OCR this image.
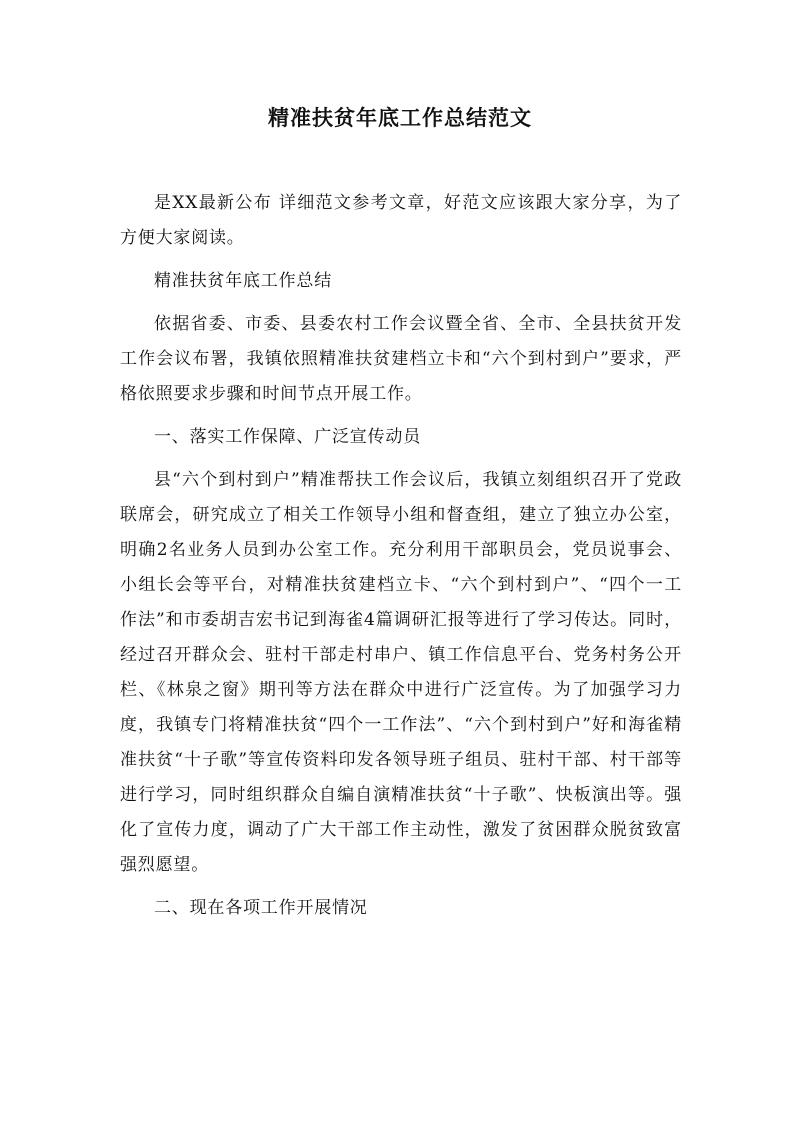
精准扶贫年底工作总结范文

是XX最新公布 详细范文参考文章，好范文应该跟大家分享，为了方便大家阅读。

精准扶贫年底工作总结

依据省委、市委、县委农村工作会议暨全省、全市、全县扶贫开发工作会议布署，我镇依照精准扶贫建档立卡和“六个到村到户”要求，严格依照要求步骤和时间节点开展工作。

一、落实工作保障、广泛宣传动员

县“六个到村到户”精准帮扶工作会议后，我镇立刻组织召开了党政联席会，研究成立了相关工作领导小组和督查组，建立了独立办公室，明确2名业务人员到办公室工作。充分利用干部职员会，党员说事会、小组长会等平台，对精准扶贫建档立卡、“六个到村到户”、“四个一工作法”和市委胡吉宏书记到海雀4篇调研汇报等进行了学习传达。同时，经过召开群众会、驻村干部走村串户、镇工作信息平台、党务村务公开栏、《林泉之窗》期刊等方法在群众中进行广泛宣传。为了加强学习力度，我镇专门将精准扶贫“四个一工作法”、“六个到村到户”好和海雀精准扶贫“十子歌”等宣传资料印发各领导班子组员、驻村干部、村干部等进行学习，同时组织群众自编自演精准扶贫“十子歌”、快板演出等。强化了宣传力度，调动了广大干部工作主动性，激发了贫困群众脱贫致富强烈愿望。

二、现在各项工作开展情况
